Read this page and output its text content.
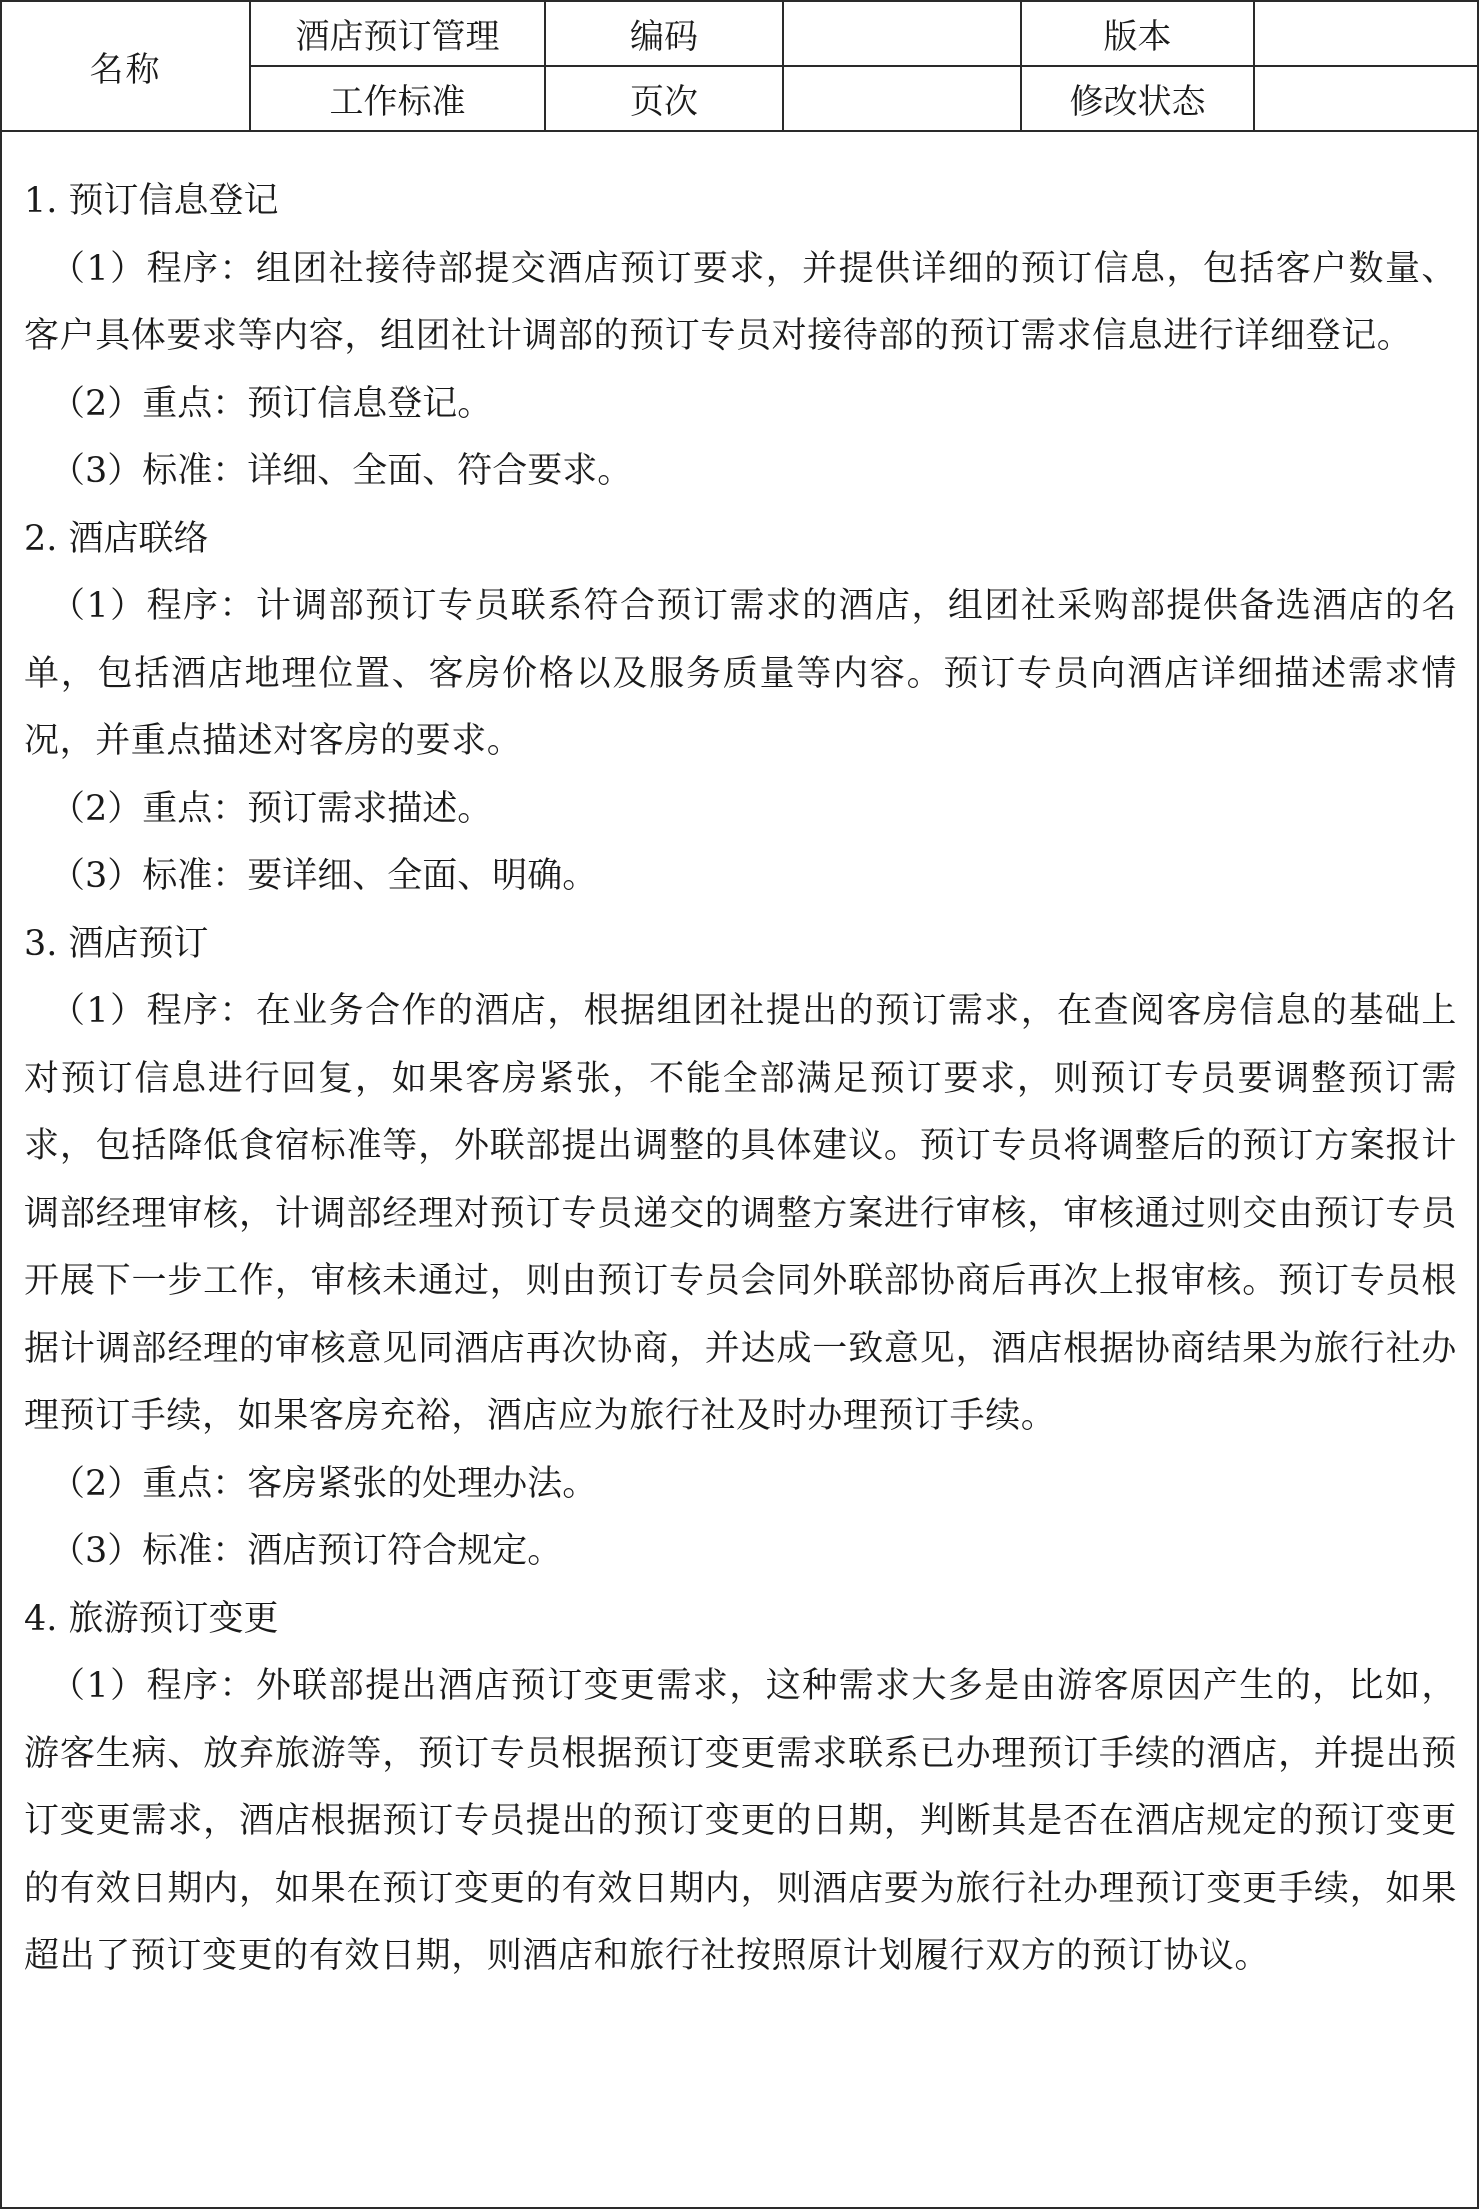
名称	酒店预订管理	编码		版本	
	工作标准	页次		修改状态	

1. 预订信息登记

（1）程序：组团社接待部提交酒店预订要求，并提供详细的预订信息，包括客户数量、客户具体要求等内容，组团社计调部的预订专员对接待部的预订需求信息进行详细登记。

（2）重点：预订信息登记。

（3）标准：详细、全面、符合要求。

2. 酒店联络

（1）程序：计调部预订专员联系符合预订需求的酒店，组团社采购部提供备选酒店的名单，包括酒店地理位置、客房价格以及服务质量等内容。预订专员向酒店详细描述需求情况，并重点描述对客房的要求。

（2）重点：预订需求描述。

（3）标准：要详细、全面、明确。

3. 酒店预订

（1）程序：在业务合作的酒店，根据组团社提出的预订需求，在查阅客房信息的基础上对预订信息进行回复，如果客房紧张，不能全部满足预订要求，则预订专员要调整预订需求，包括降低食宿标准等，外联部提出调整的具体建议。预订专员将调整后的预订方案报计调部经理审核，计调部经理对预订专员递交的调整方案进行审核，审核通过则交由预订专员开展下一步工作，审核未通过，则由预订专员会同外联部协商后再次上报审核。预订专员根据计调部经理的审核意见同酒店再次协商，并达成一致意见，酒店根据协商结果为旅行社办理预订手续，如果客房充裕，酒店应为旅行社及时办理预订手续。

（2）重点：客房紧张的处理办法。

（3）标准：酒店预订符合规定。

4. 旅游预订变更

（1）程序：外联部提出酒店预订变更需求，这种需求大多是由游客原因产生的，比如，游客生病、放弃旅游等，预订专员根据预订变更需求联系已办理预订手续的酒店，并提出预订变更需求，酒店根据预订专员提出的预订变更的日期，判断其是否在酒店规定的预订变更的有效日期内，如果在预订变更的有效日期内，则酒店要为旅行社办理预订变更手续，如果超出了预订变更的有效日期，则酒店和旅行社按照原计划履行双方的预订协议。
